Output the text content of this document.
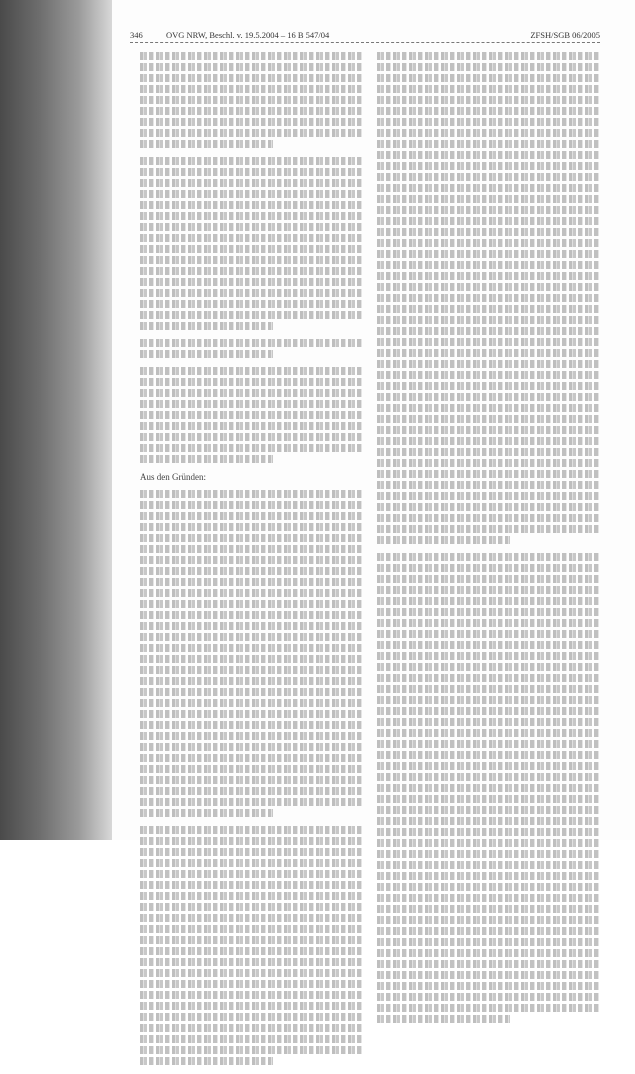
346	OVG NRW, Beschl. v. 19.5.2004 – 16 B 547/04	ZFSH/SGB 06/2005
Aus den Gründen:
